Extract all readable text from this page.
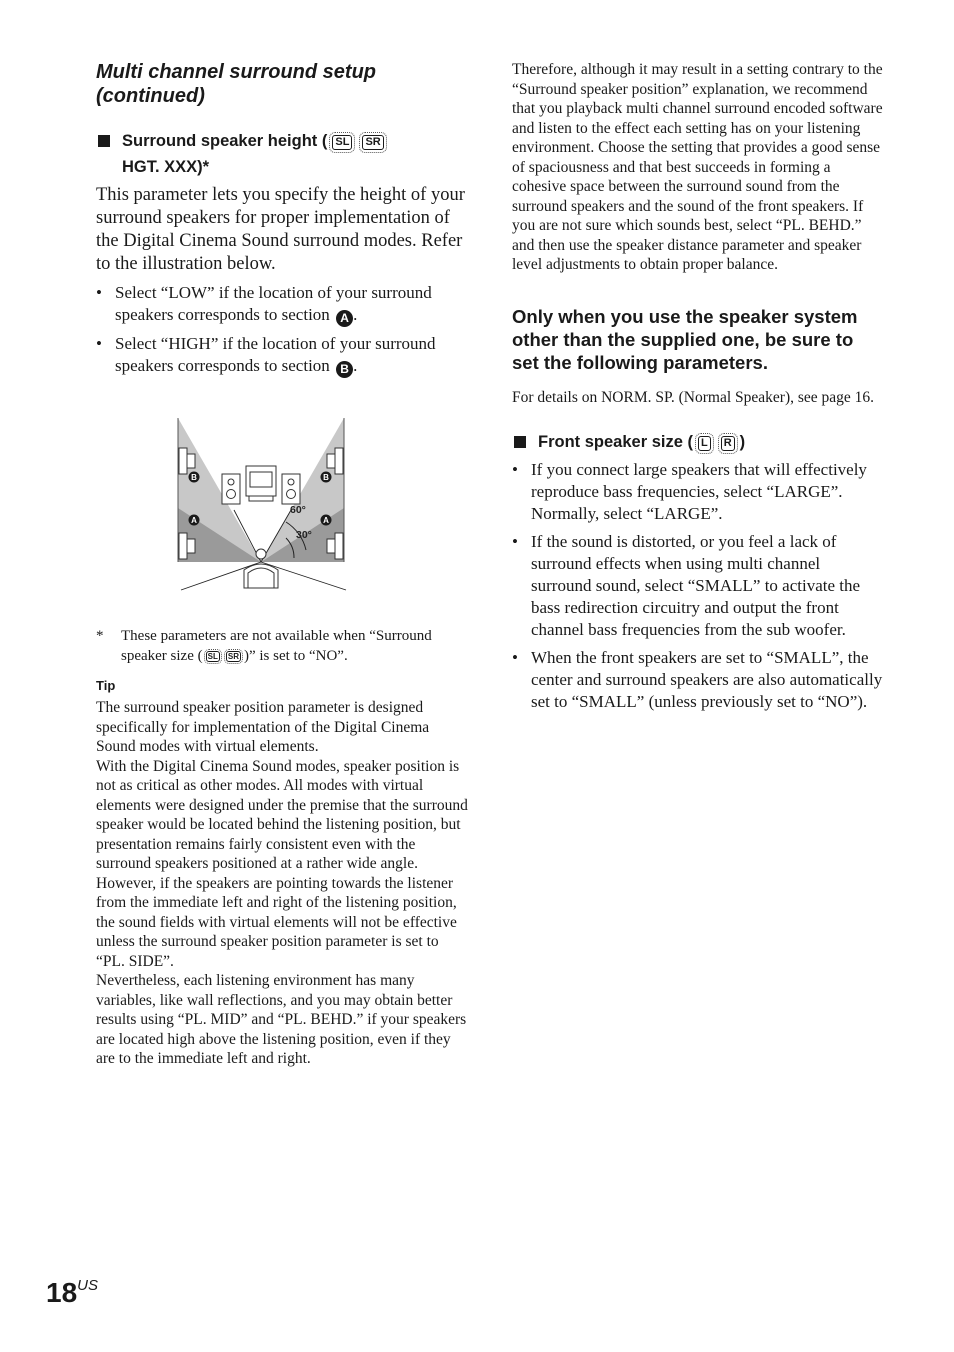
Multi channel surround setup (continued)
Surround speaker height ( SL SR
HGT. XXX)*

This parameter lets you specify the height of your surround speakers for proper implementation of the Digital Cinema Sound surround modes. Refer to the illustration below.

• Select “LOW” if the location of your surround speakers corresponds to section A .
• Select “HIGH” if the location of your surround speakers corresponds to section B .
60°
30°
B	B
A	A
* These parameters are not available when “Surround speaker size ( SL SR )” is set to “NO”.
Tip

The surround speaker position parameter is designed specifically for implementation of the Digital Cinema Sound modes with virtual elements.

With the Digital Cinema Sound modes, speaker position is not as critical as other modes. All modes with virtual elements were designed under the premise that the surround speaker would be located behind the listening position, but presentation remains fairly consistent even with the surround speakers positioned at a rather wide angle. However, if the speakers are pointing towards the listener from the immediate left and right of the listening position, the sound fields with virtual elements will not be effective unless the surround speaker position parameter is set to “PL. SIDE”.

Nevertheless, each listening environment has many variables, like wall reflections, and you may obtain better results using “PL. MID” and “PL. BEHD.” if your speakers are located high above the listening position, even if they are to the immediate left and right.

Therefore, although it may result in a setting contrary to the “Surround speaker position” explanation, we recommend that you playback multi channel surround encoded software and listen to the effect each setting has on your listening environment. Choose the setting that provides a good sense of spaciousness and that best succeeds in forming a cohesive space between the surround sound from the surround speakers and the sound of the front speakers. If you are not sure which sounds best, select “PL. BEHD.” and then use the speaker distance parameter and speaker level adjustments to obtain proper balance.

Only when you use the speaker system other than the supplied one, be sure to set the following parameters.

For details on NORM. SP. (Normal Speaker), see page 16.

Front speaker size ( L R )
• If you connect large speakers that will effectively reproduce bass frequencies, select “LARGE”. Normally, select “LARGE”.
• If the sound is distorted, or you feel a lack of surround effects when using multi channel surround sound, select “SMALL” to activate the bass redirection circuitry and output the front channel bass frequencies from the sub woofer.
• When the front speakers are set to “SMALL”, the center and surround speakers are also automatically set to “SMALL” (unless previously set to “NO”).
$18^{US}$
